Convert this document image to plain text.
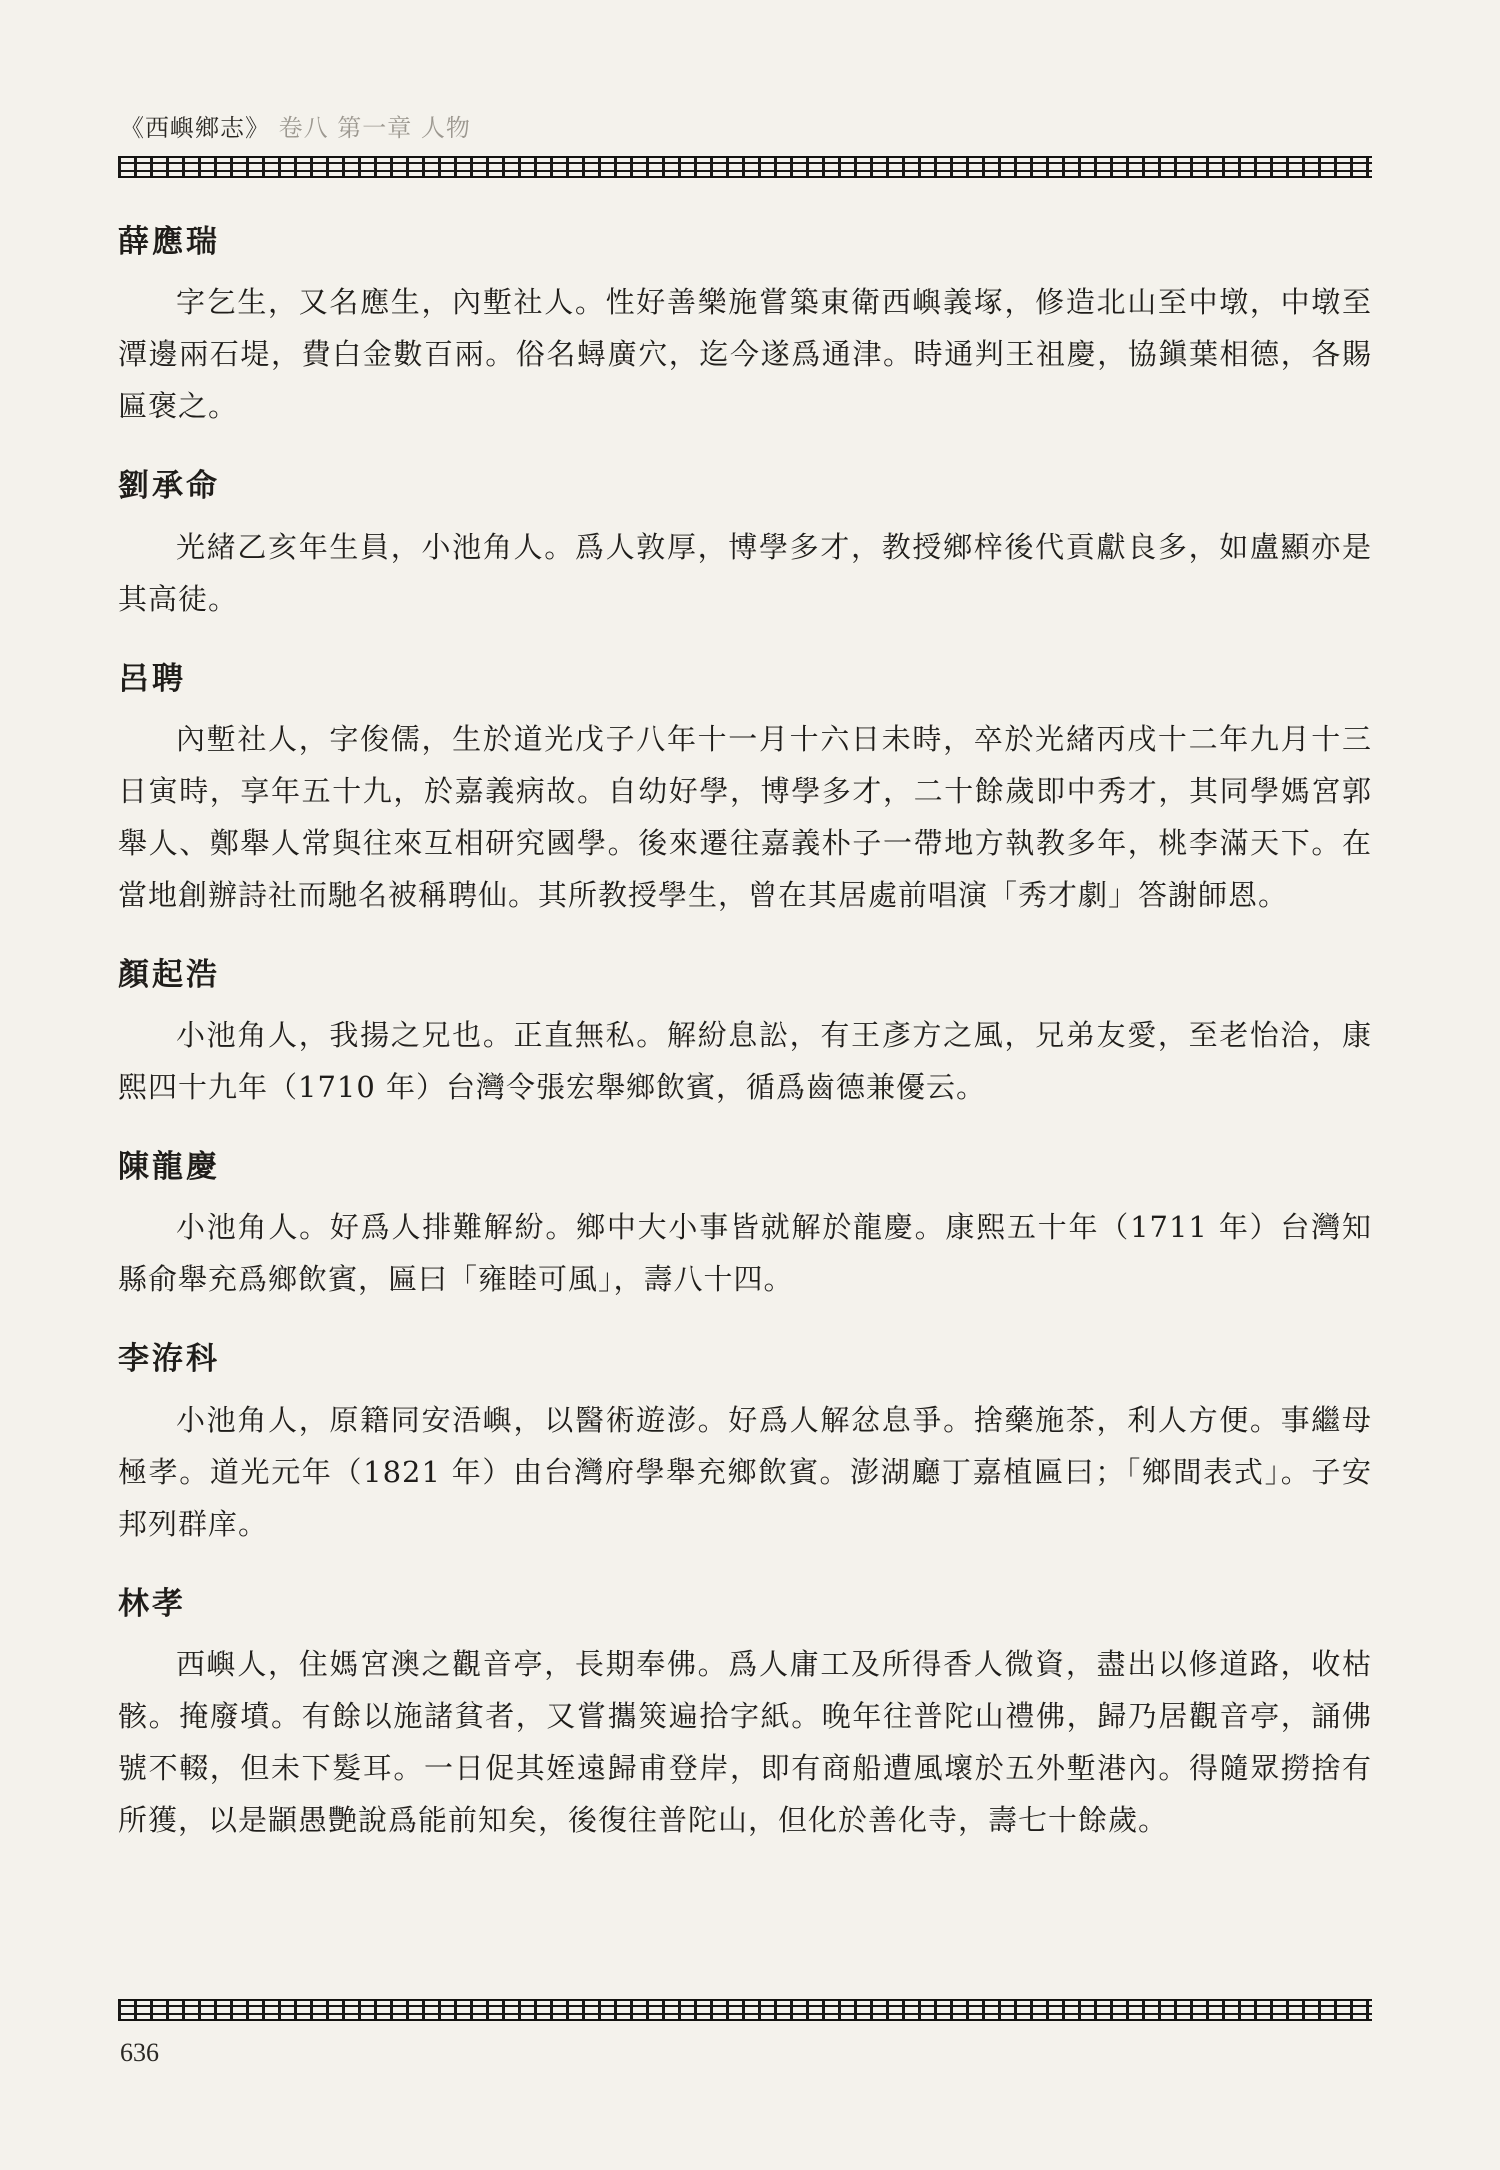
《西嶼鄉志》 卷八 第一章 人物

薛應瑞

字乞生，又名應生，內塹社人。性好善樂施嘗築東衛西嶼義塚，修造北山至中墩，中墩至潭邊兩石堤，費白金數百兩。俗名蟳廣穴，迄今遂爲通津。時通判王祖慶，協鎭葉相德，各賜匾褒之。

劉承命

光緒乙亥年生員，小池角人。爲人敦厚，博學多才，教授鄉梓後代貢獻良多，如盧顯亦是其高徒。

呂聘

內塹社人，字俊儒，生於道光戊子八年十一月十六日未時，卒於光緒丙戌十二年九月十三日寅時，享年五十九，於嘉義病故。自幼好學，博學多才，二十餘歲即中秀才，其同學媽宮郭舉人、鄭舉人常與往來互相研究國學。後來遷往嘉義朴子一帶地方執教多年，桃李滿天下。在當地創辦詩社而馳名被稱聘仙。其所教授學生，曾在其居處前唱演「秀才劇」答謝師恩。

顏起浩

小池角人，我揚之兄也。正直無私。解紛息訟，有王彥方之風，兄弟友愛，至老怡洽，康熙四十九年（1710 年）台灣令張宏舉鄉飲賓，循爲齒德兼優云。

陳龍慶

小池角人。好爲人排難解紛。鄉中大小事皆就解於龍慶。康熙五十年（1711 年）台灣知縣俞舉充爲鄉飲賓，匾曰「雍睦可風」，壽八十四。

李洊科

小池角人，原籍同安浯嶼，以醫術遊澎。好爲人解忿息爭。捨藥施茶，利人方便。事繼母極孝。道光元年（1821 年）由台灣府學舉充鄉飲賓。澎湖廳丁嘉植匾曰；「鄉間表式」。子安邦列群庠。

林孝

西嶼人，住媽宮澳之觀音亭，長期奉佛。爲人庸工及所得香人微資，盡出以修道路，收枯骸。掩廢墳。有餘以施諸貧者，又嘗攜筴遍拾字紙。晚年往普陀山禮佛，歸乃居觀音亭，誦佛號不輟，但未下髮耳。一日促其姪遠歸甫登岸，即有商船遭風壞於五外塹港內。得隨眾撈捨有所獲，以是顓愚艷說爲能前知矣，後復往普陀山，但化於善化寺，壽七十餘歲。

636
